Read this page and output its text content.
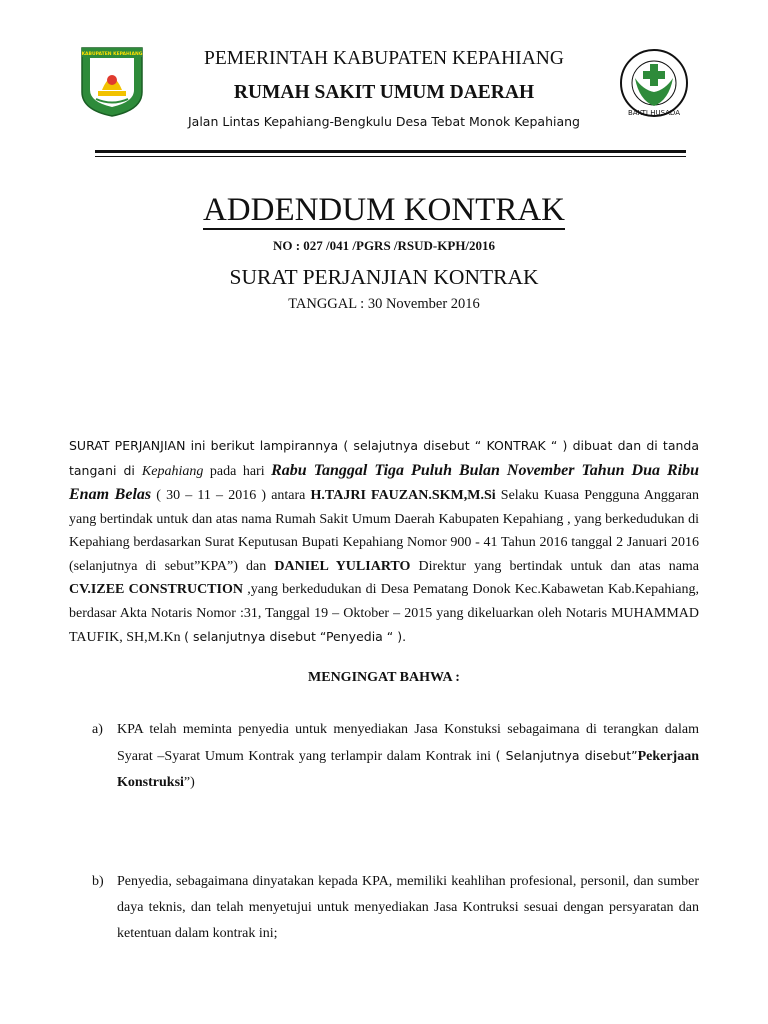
KABUPATEN KEPAHIANG
BAKTI HUSADA
PEMERINTAH KABUPATEN KEPAHIANG
RUMAH SAKIT UMUM DAERAH
Jalan Lintas Kepahiang-Bengkulu Desa Tebat Monok Kepahiang
ADDENDUM KONTRAK
NO : 027 /041 /PGRS /RSUD-KPH/2016
SURAT PERJANJIAN KONTRAK
TANGGAL : 30 November 2016
SURAT PERJANJIAN ini berikut lampirannya ( selajutnya disebut “ KONTRAK “ ) dibuat dan di tanda tangani di Kepahiang pada hari Rabu Tanggal Tiga Puluh Bulan November Tahun Dua Ribu Enam Belas ( 30 – 11 – 2016 ) antara H.TAJRI FAUZAN.SKM,M.Si Selaku Kuasa Pengguna Anggaran yang bertindak untuk dan atas nama Rumah Sakit Umum Daerah Kabupaten Kepahiang , yang berkedudukan di Kepahiang berdasarkan Surat Keputusan Bupati Kepahiang Nomor 900 - 41 Tahun 2016 tanggal 2 Januari 2016 (selanjutnya di sebut”KPA”) dan DANIEL YULIARTO Direktur yang bertindak untuk dan atas nama CV.IZEE CONSTRUCTION ,yang berkedudukan di Desa Pematang Donok Kec.Kabawetan Kab.Kepahiang, berdasar Akta Notaris Nomor :31, Tanggal 19 – Oktober – 2015 yang dikeluarkan oleh Notaris MUHAMMAD TAUFIK, SH,M.Kn ( selanjutnya disebut “Penyedia “ ).
MENGINGAT BAHWA :
a) KPA telah meminta penyedia untuk menyediakan Jasa Konstuksi sebagaimana di terangkan dalam Syarat –Syarat Umum Kontrak yang terlampir dalam Kontrak ini ( Selanjutnya disebut”Pekerjaan Konstruksi”)
b) Penyedia, sebagaimana dinyatakan kepada KPA, memiliki keahlihan profesional, personil, dan sumber daya teknis, dan telah menyetujui untuk menyediakan Jasa Kontruksi sesuai dengan persyaratan dan ketentuan dalam kontrak ini;
